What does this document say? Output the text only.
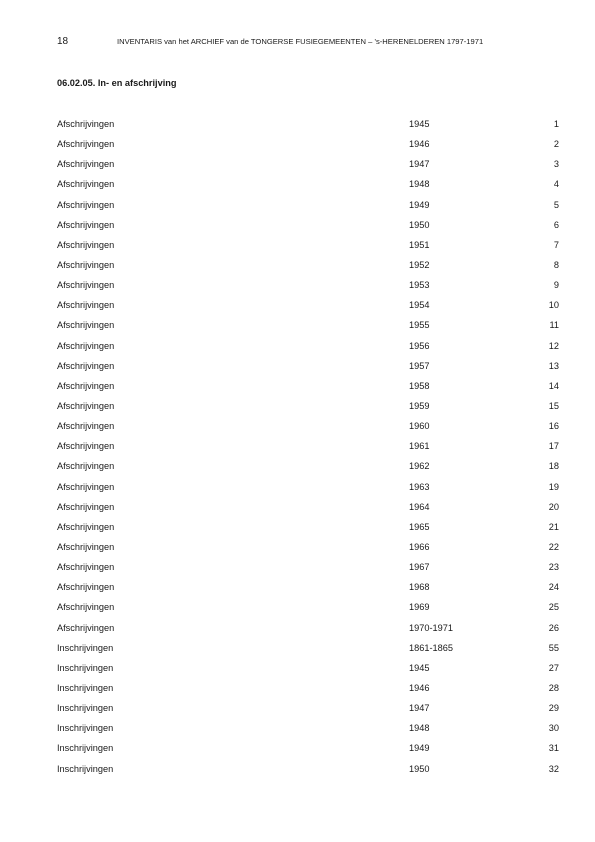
18	INVENTARIS van het ARCHIEF van de TONGERSE FUSIEGEMEENTEN – ’s-HERENELDEREN 1797-1971
06.02.05. In- en afschrijving
Afschrijvingen	1945	1
Afschrijvingen	1946	2
Afschrijvingen	1947	3
Afschrijvingen	1948	4
Afschrijvingen	1949	5
Afschrijvingen	1950	6
Afschrijvingen	1951	7
Afschrijvingen	1952	8
Afschrijvingen	1953	9
Afschrijvingen	1954	10
Afschrijvingen	1955	11
Afschrijvingen	1956	12
Afschrijvingen	1957	13
Afschrijvingen	1958	14
Afschrijvingen	1959	15
Afschrijvingen	1960	16
Afschrijvingen	1961	17
Afschrijvingen	1962	18
Afschrijvingen	1963	19
Afschrijvingen	1964	20
Afschrijvingen	1965	21
Afschrijvingen	1966	22
Afschrijvingen	1967	23
Afschrijvingen	1968	24
Afschrijvingen	1969	25
Afschrijvingen	1970-1971	26
Inschrijvingen	1861-1865	55
Inschrijvingen	1945	27
Inschrijvingen	1946	28
Inschrijvingen	1947	29
Inschrijvingen	1948	30
Inschrijvingen	1949	31
Inschrijvingen	1950	32
